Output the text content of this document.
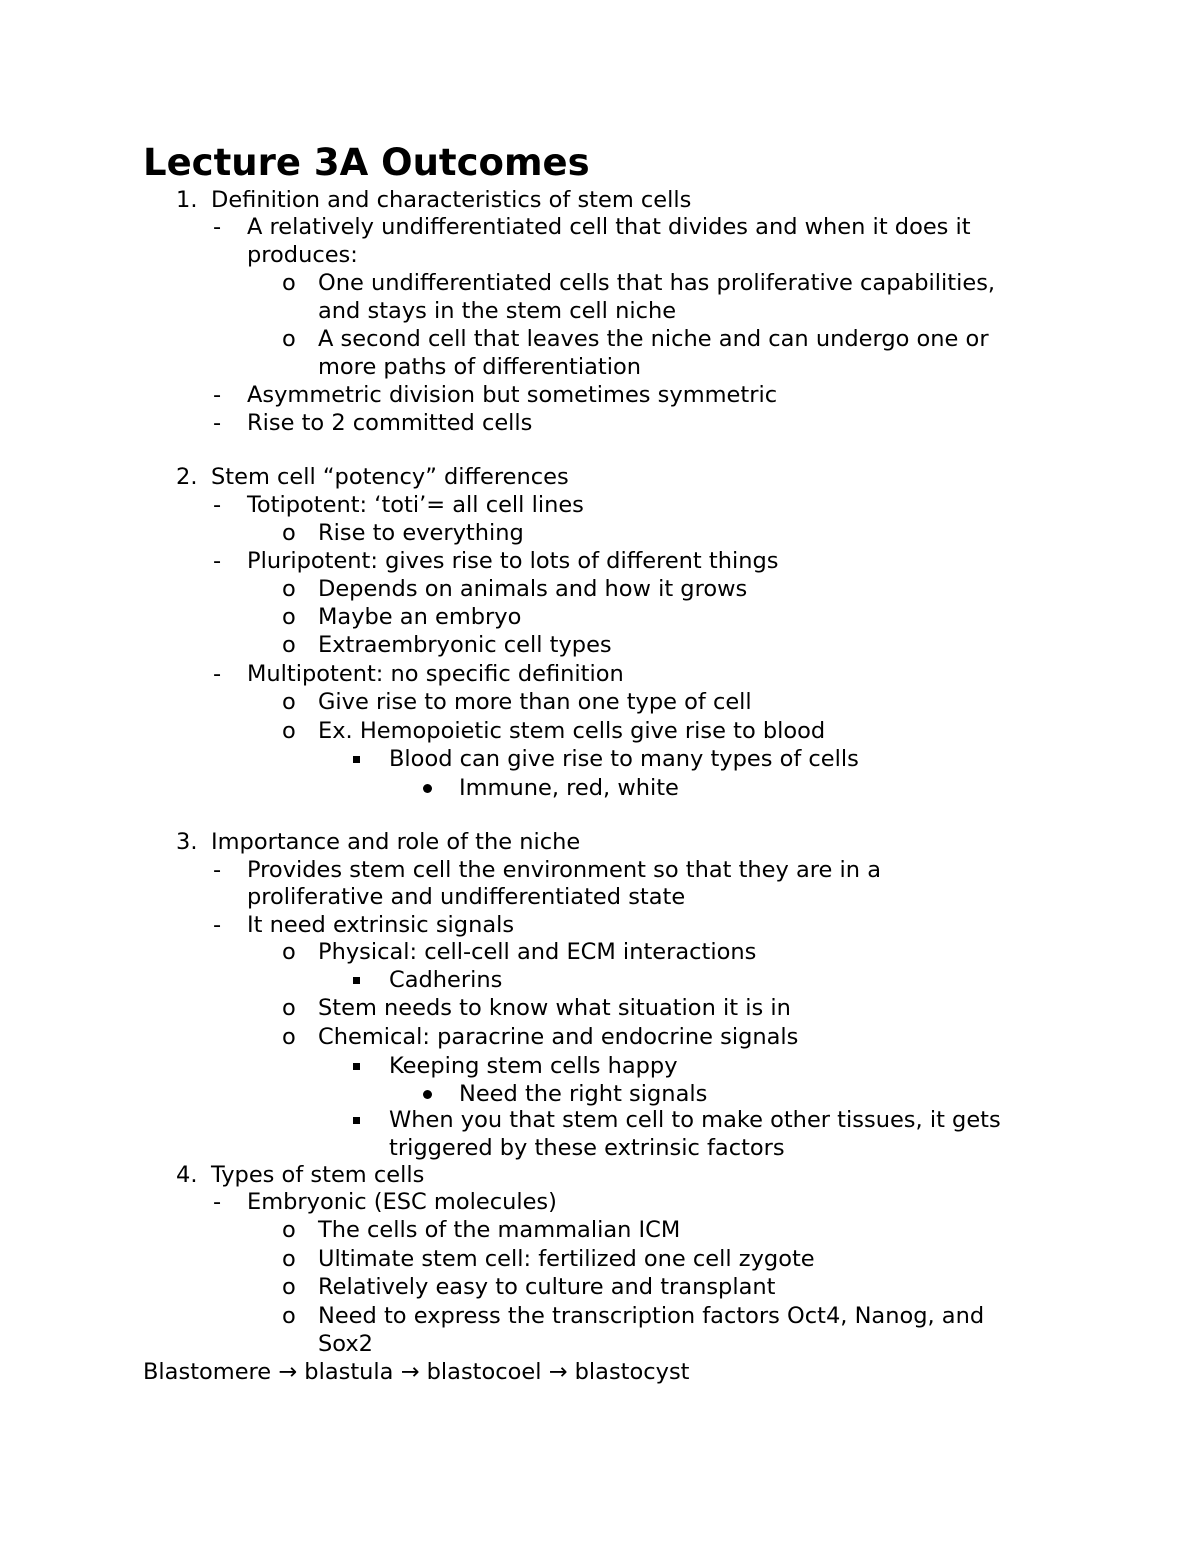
Lecture 3A Outcomes
1. Definition and characteristics of stem cells
- A relatively undifferentiated cell that divides and when it does it
produces:
o One undifferentiated cells that has proliferative capabilities,
and stays in the stem cell niche
o A second cell that leaves the niche and can undergo one or
more paths of differentiation
- Asymmetric division but sometimes symmetric
- Rise to 2 committed cells
2. Stem cell “potency” differences
- Totipotent: ‘toti’= all cell lines
o Rise to everything
- Pluripotent: gives rise to lots of different things
o Depends on animals and how it grows
o Maybe an embryo
o Extraembryonic cell types
- Multipotent: no specific definition
o Give rise to more than one type of cell
o Ex. Hemopoietic stem cells give rise to blood
Blood can give rise to many types of cells
Immune, red, white
3. Importance and role of the niche
- Provides stem cell the environment so that they are in a
proliferative and undifferentiated state
- It need extrinsic signals
o Physical: cell-cell and ECM interactions
Cadherins
o Stem needs to know what situation it is in
o Chemical: paracrine and endocrine signals
Keeping stem cells happy
Need the right signals
When you that stem cell to make other tissues, it gets
triggered by these extrinsic factors
4. Types of stem cells
- Embryonic (ESC molecules)
o The cells of the mammalian ICM
o Ultimate stem cell: fertilized one cell zygote
o Relatively easy to culture and transplant
o Need to express the transcription factors Oct4, Nanog, and
Sox2
Blastomere → blastula → blastocoel → blastocyst
